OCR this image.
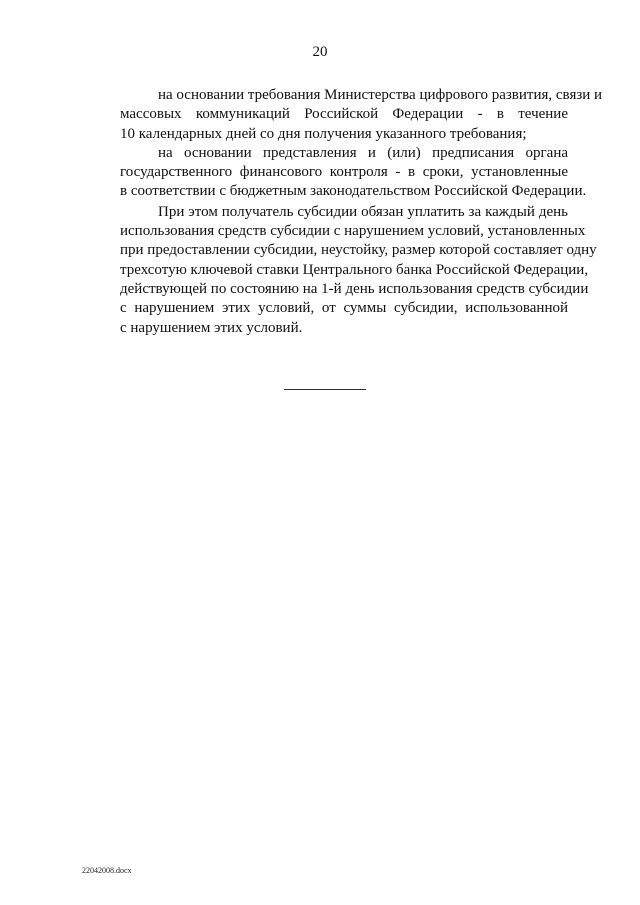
20

на основании требования Министерства цифрового развития, связи и
массовых коммуникаций Российской Федерации - в течение
10 календарных дней со дня получения указанного требования;

на основании представления и (или) предписания органа
государственного финансового контроля - в сроки, установленные
в соответствии с бюджетным законодательством Российской Федерации.

При этом получатель субсидии обязан уплатить за каждый день
использования средств субсидии с нарушением условий, установленных
при предоставлении субсидии, неустойку, размер которой составляет одну
трехсотую ключевой ставки Центрального банка Российской Федерации,
действующей по состоянию на 1-й день использования средств субсидии
с нарушением этих условий, от суммы субсидии, использованной
с нарушением этих условий.

22042008.docx
